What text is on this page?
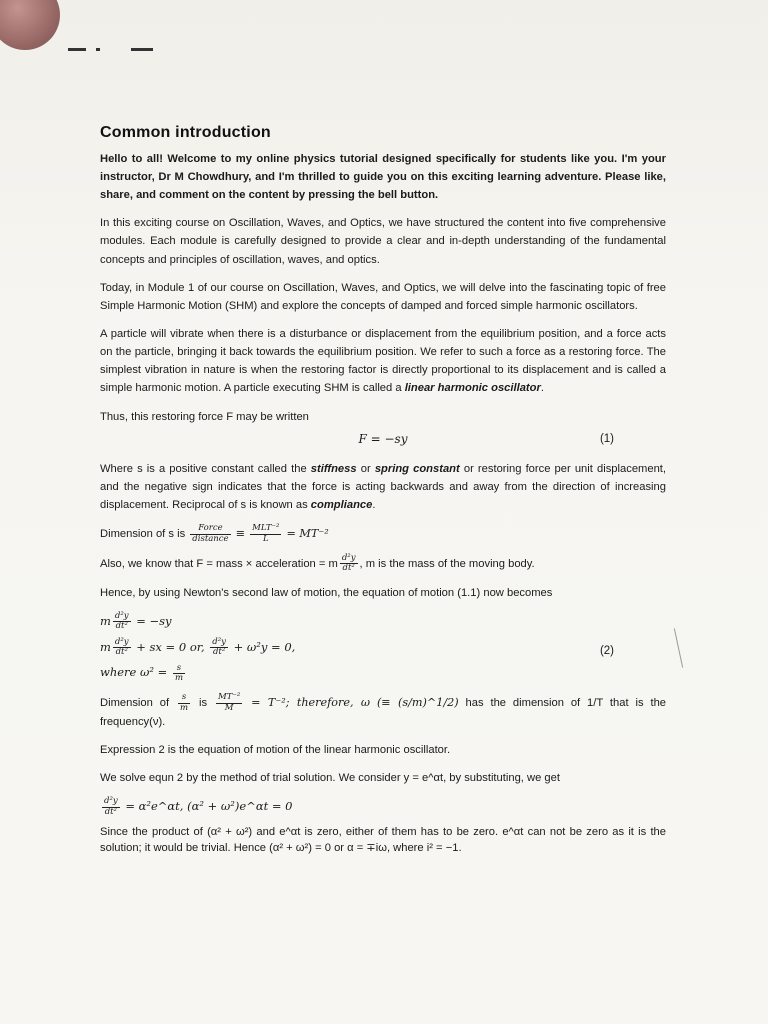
Common introduction

Hello to all! Welcome to my online physics tutorial designed specifically for students like you. I'm your instructor, Dr M Chowdhury, and I'm thrilled to guide you on this exciting learning adventure. Please like, share, and comment on the content by pressing the bell button.

In this exciting course on Oscillation, Waves, and Optics, we have structured the content into five comprehensive modules. Each module is carefully designed to provide a clear and in-depth understanding of the fundamental concepts and principles of oscillation, waves, and optics.

Today, in Module 1 of our course on Oscillation, Waves, and Optics, we will delve into the fascinating topic of free Simple Harmonic Motion (SHM) and explore the concepts of damped and forced simple harmonic oscillators.

A particle will vibrate when there is a disturbance or displacement from the equilibrium position, and a force acts on the particle, bringing it back towards the equilibrium position. We refer to such a force as a restoring force. The simplest vibration in nature is when the restoring factor is directly proportional to its displacement and is called a simple harmonic motion. A particle executing SHM is called a linear harmonic oscillator.

Thus, this restoring force F may be written

F = −sy	(1)

Where s is a positive constant called the stiffness or spring constant or restoring force per unit displacement, and the negative sign indicates that the force is acting backwards and away from the direction of increasing displacement. Reciprocal of s is known as compliance.

Dimension of s is $\frac{\text{Force}}{\text{distance}} \equiv \frac{\text{MLT⁻²}}{L} = MT^{-2}$

Also, we know that F = mass × acceleration = m $\frac{\text{d²y}}{\text{dt²}}$ , m is the mass of the moving body.

Hence, by using Newton's second law of motion, the equation of motion (1.1) now becomes

m $\frac{\text{d²y}}{\text{dt²}} = -sy$
m $\frac{\text{d²y}}{\text{dt²}}$ + sx = 0 or, $\frac{\text{d²y}}{\text{dt²}} + \omega^2y = 0$,	(2)
where $\omega^2 = \frac{s}{m}$

Dimension of $\frac{s}{m}$ is $\frac{\text{MT⁻²}}{M} = T^{-2}$; therefore, ω (≡ (s/m)^1/2) has the dimension of 1/T that is the frequency(ν).

Expression 2 is the equation of motion of the linear harmonic oscillator.

We solve equn 2 by the method of trial solution. We consider y = e^αt, by substituting, we get

$\frac{\text{d²y}}{\text{dt²}}$ = α²e^αt, (α² + ω²)e^αt = 0

Since the product of (α² + ω²) and e^αt is zero, either of them has to be zero. e^αt can not be zero as it is the solution; it would be trivial. Hence (α² + ω²) = 0 or α = ∓iω, where i² = −1.
